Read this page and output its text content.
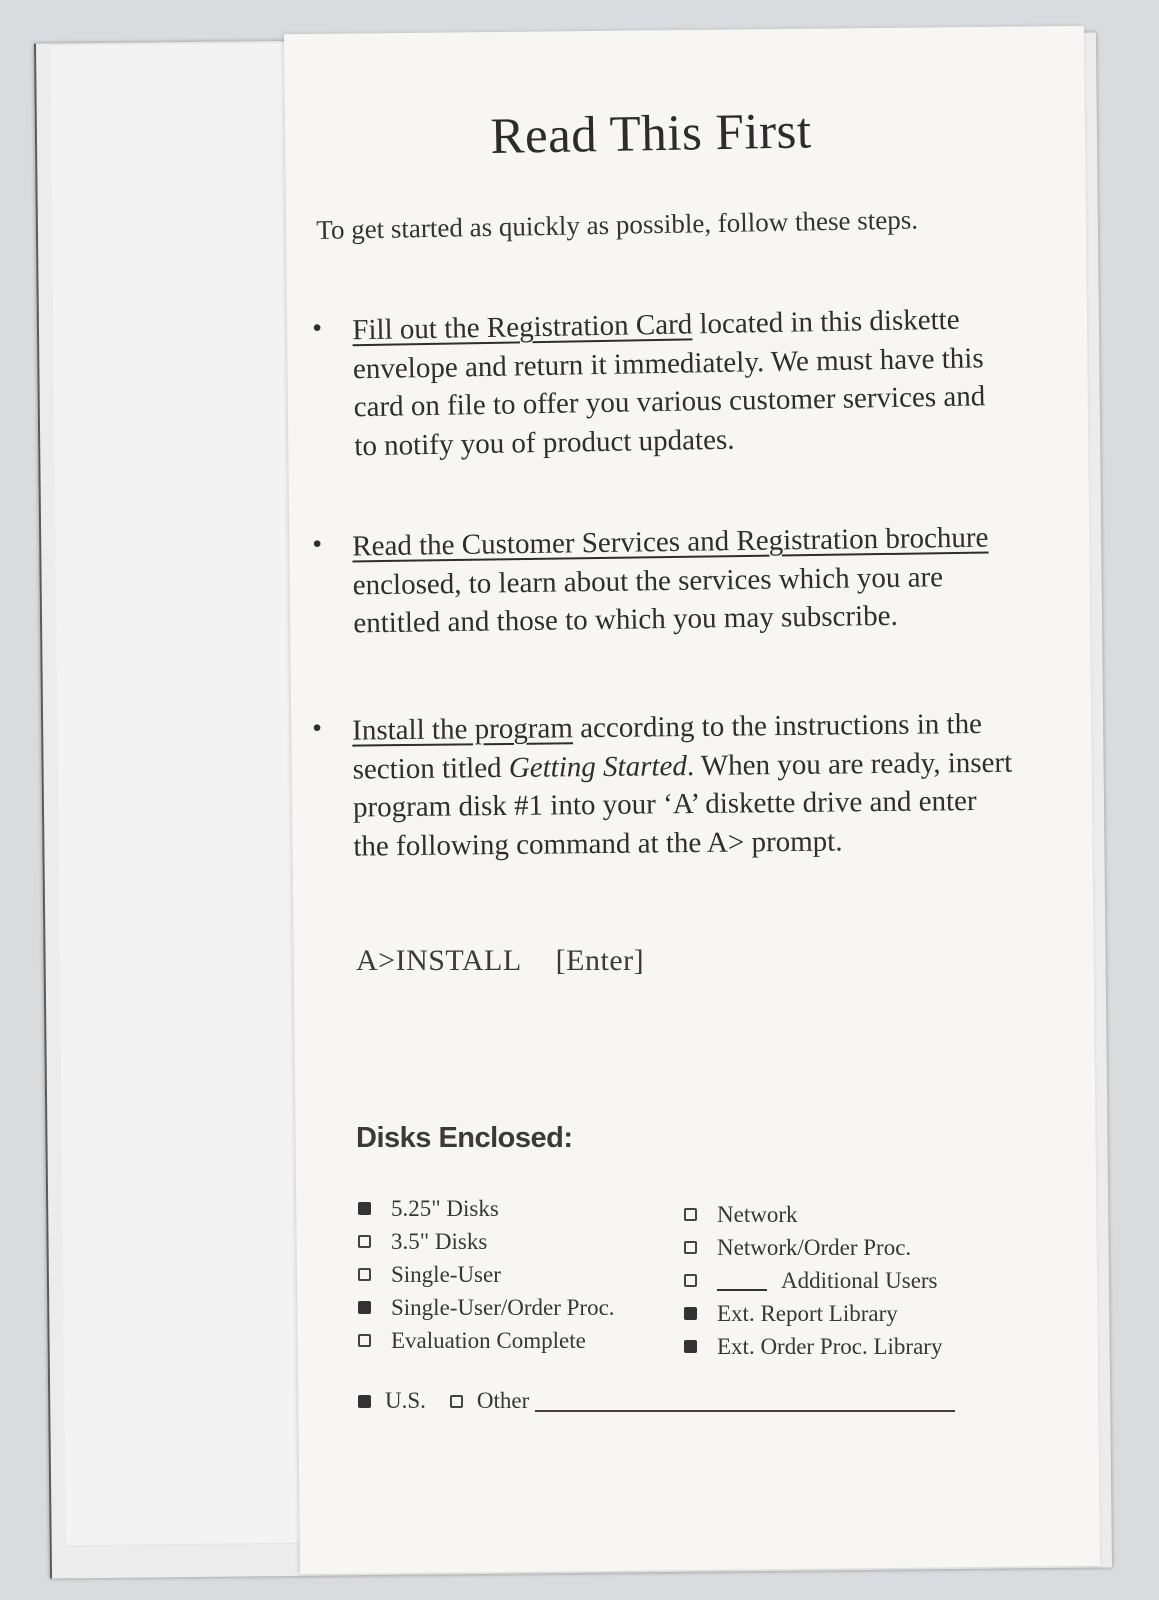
Read This First
To get started as quickly as possible, follow these steps.
• Fill out the Registration Card located in this diskette envelope and return it immediately. We must have this card on file to offer you various customer services and to notify you of product updates.
• Read the Customer Services and Registration brochure enclosed, to learn about the services which you are entitled and those to which you may subscribe.
• Install the program according to the instructions in the section titled Getting Started. When you are ready, insert program disk #1 into your ‘A’ diskette drive and enter the following command at the A> prompt.
A>INSTALL [Enter]
Disks Enclosed:
5.25" Disks
3.5" Disks
Single-User
Single-User/Order Proc.
Evaluation Complete
Network
Network/Order Proc.
Additional Users
Ext. Report Library
Ext. Order Proc. Library
U.S. Other
